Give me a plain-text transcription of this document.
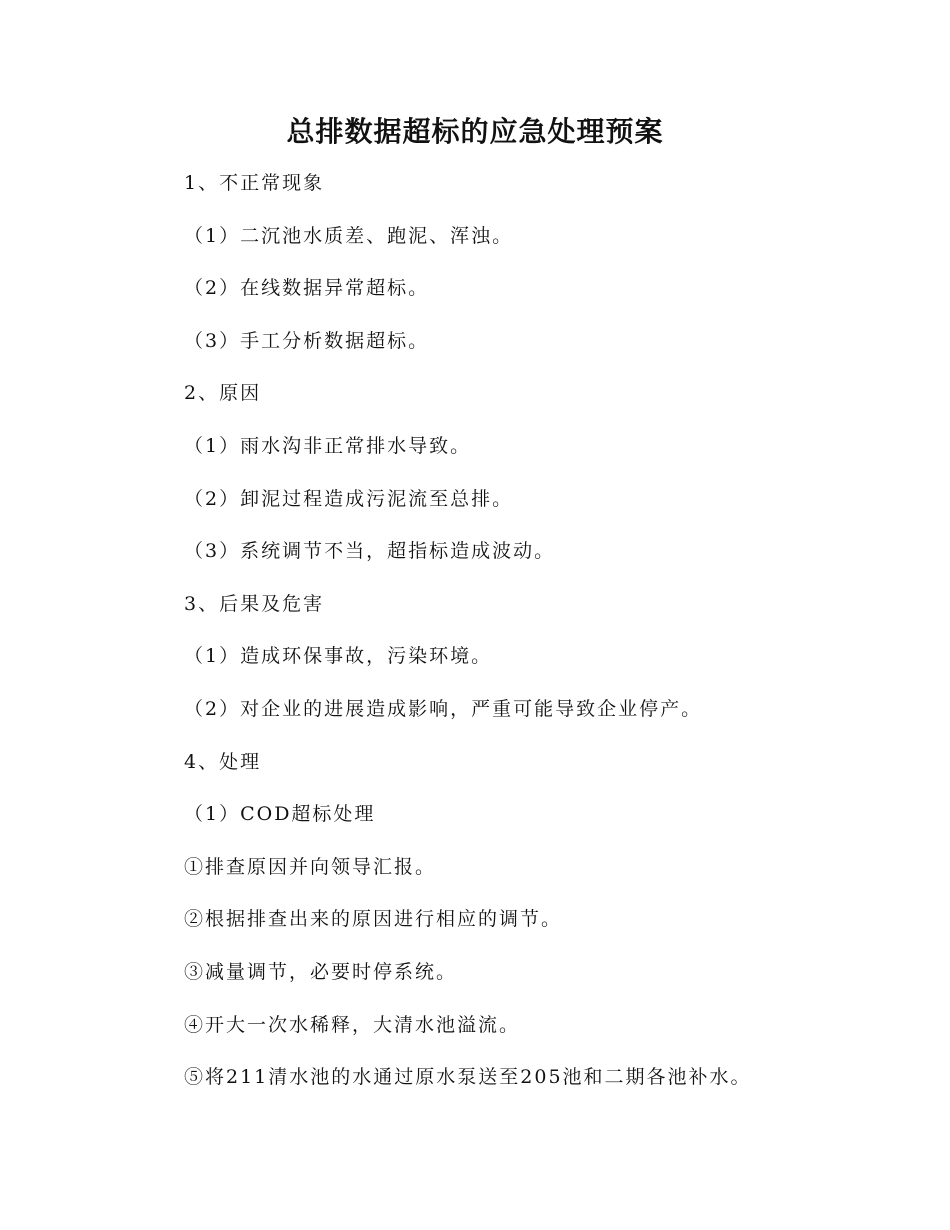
总排数据超标的应急处理预案
1、不正常现象
（1）二沉池水质差、跑泥、浑浊。
（2）在线数据异常超标。
（3）手工分析数据超标。
2、原因
（1）雨水沟非正常排水导致。
（2）卸泥过程造成污泥流至总排。
（3）系统调节不当，超指标造成波动。
3、后果及危害
（1）造成环保事故，污染环境。
（2）对企业的进展造成影响，严重可能导致企业停产。
4、处理
（1）COD超标处理
①排查原因并向领导汇报。
②根据排查出来的原因进行相应的调节。
③减量调节，必要时停系统。
④开大一次水稀释，大清水池溢流。
⑤将211清水池的水通过原水泵送至205池和二期各池补水。
